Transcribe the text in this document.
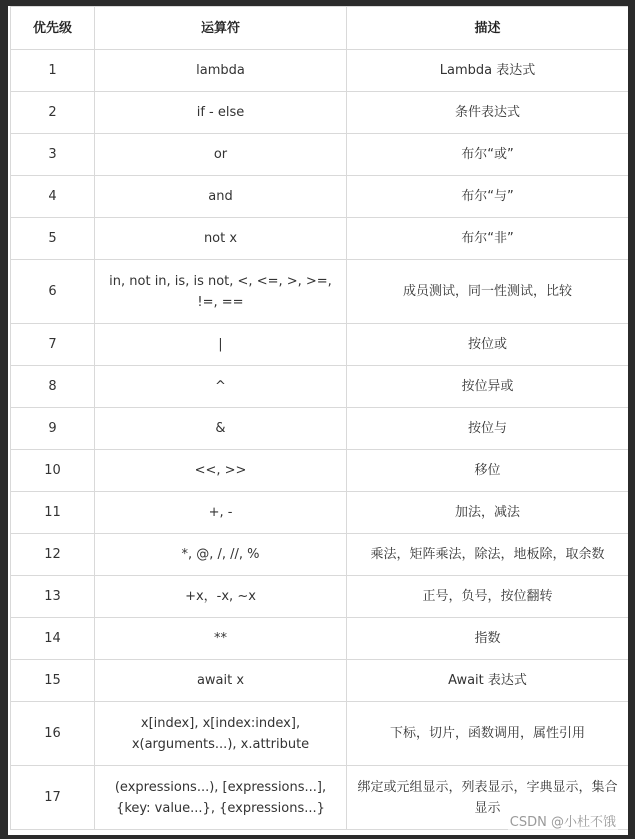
优先级	运算符	描述
1	lambda	Lambda 表达式
2	if - else	条件表达式
3	or	布尔“或”
4	and	布尔“与”
5	not x	布尔“非”
6	in, not in, is, is not, <, <=, >, >=, !=, ==	成员测试，同一性测试，比较
7	|	按位或
8	^	按位异或
9	&	按位与
10	<<, >>	移位
11	+, -	加法，减法
12	*, @, /, //, %	乘法，矩阵乘法，除法，地板除，取余数
13	+x，-x, ~x	正号，负号，按位翻转
14	**	指数
15	await x	Await 表达式
16	x[index], x[index:index], x(arguments...), x.attribute	下标，切片，函数调用，属性引用
17	(expressions...), [expressions...], {key: value...}, {expressions...}	绑定或元组显示，列表显示，字典显示，集合显示
CSDN @小杜不饿
